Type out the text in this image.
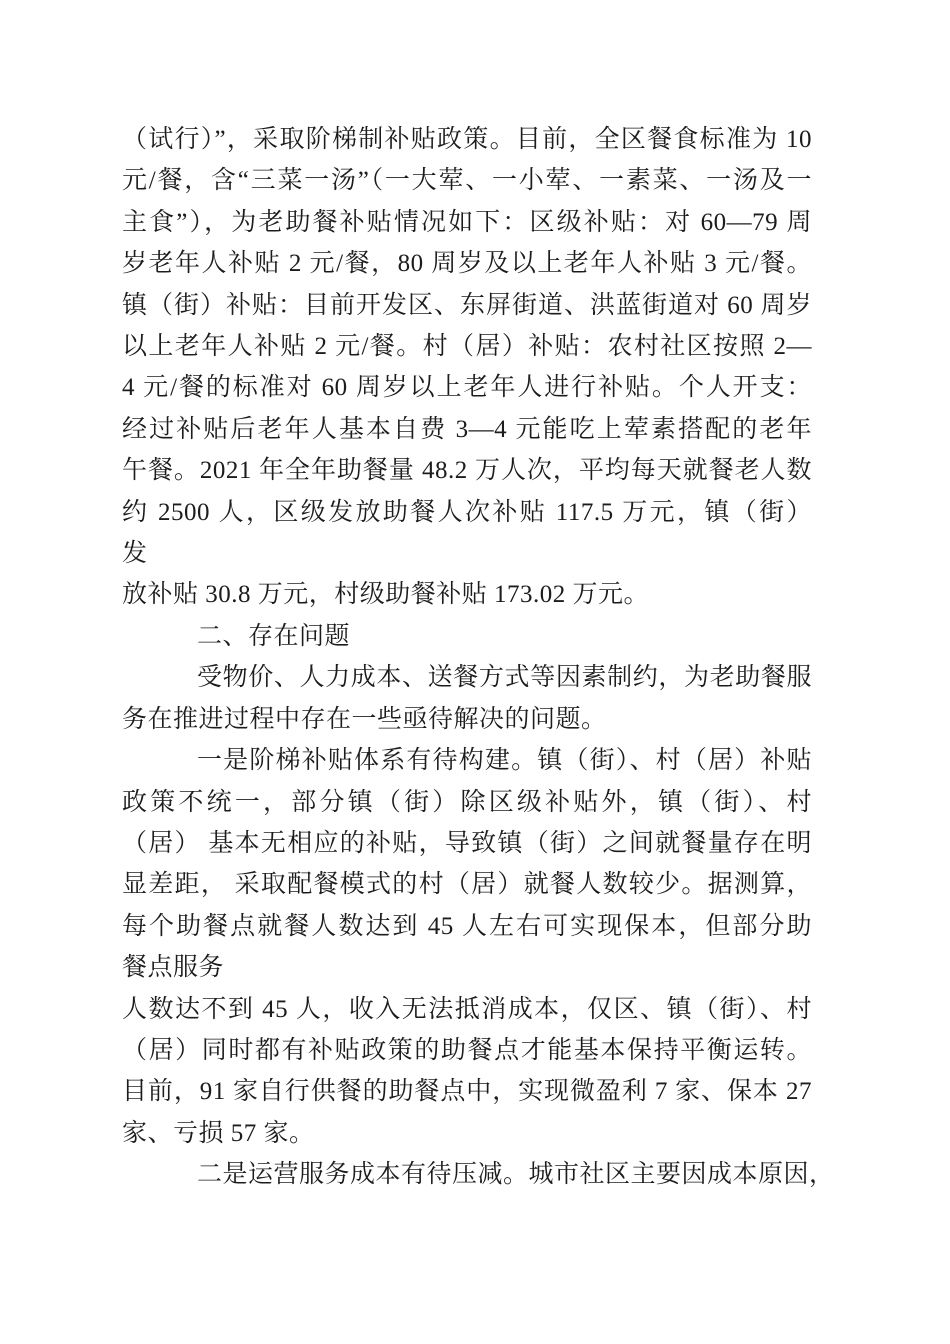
（试行）”，采取阶梯制补贴政策。目前，全区餐食标准为 10
元/餐，含“三菜一汤”（一大荤、一小荤、一素菜、一汤及一
主食”），为老助餐补贴情况如下：区级补贴：对 60—79 周
岁老年人补贴 2 元/餐，80 周岁及以上老年人补贴 3 元/餐。
镇（街）补贴：目前开发区、东屏街道、洪蓝街道对 60 周岁
以上老年人补贴 2 元/餐。村（居）补贴：农村社区按照 2—
4 元/餐的标准对 60 周岁以上老年人进行补贴。个人开支：
经过补贴后老年人基本自费 3—4 元能吃上荤素搭配的老年
午餐。2021 年全年助餐量 48.2 万人次，平均每天就餐老人数
约 2500 人，区级发放助餐人次补贴 117.5 万元，镇（街）
发
放补贴 30.8 万元，村级助餐补贴 173.02 万元。
二、存在问题
受物价、人力成本、送餐方式等因素制约，为老助餐服
务在推进过程中存在一些亟待解决的问题。
一是阶梯补贴体系有待构建。镇（街）、村（居）补贴
政策不统一，部分镇（街）除区级补贴外，镇（街）、村
（居） 基本无相应的补贴，导致镇（街）之间就餐量存在明
显差距， 采取配餐模式的村（居）就餐人数较少。据测算，
每个助餐点就餐人数达到 45 人左右可实现保本，但部分助
餐点服务
人数达不到 45 人，收入无法抵消成本，仅区、镇（街）、村
（居）同时都有补贴政策的助餐点才能基本保持平衡运转。
目前，91 家自行供餐的助餐点中，实现微盈利 7 家、保本 27
家、亏损 57 家。
二是运营服务成本有待压减。城市社区主要因成本原因，
